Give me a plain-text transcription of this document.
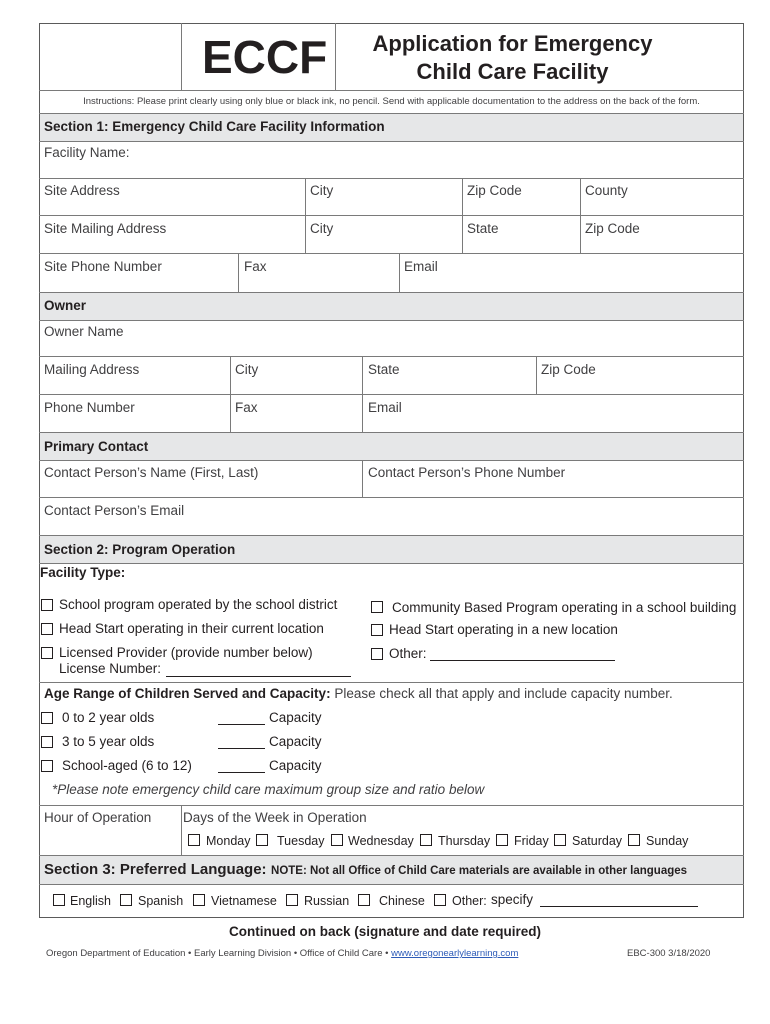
ECCF	Application for Emergency
Child Care Facility
Instructions: Please print clearly using only blue or black ink, no pencil. Send with applicable documentation to the address on the back of the form.
Section 1: Emergency Child Care Facility Information
Facility Name:
Site Address	City	Zip Code	County
Site Mailing Address	City	State	Zip Code
Site Phone Number	Fax	Email
Owner
Owner Name
Mailing Address	City	State	Zip Code
Phone Number	Fax	Email
Primary Contact
Contact Person’s Name (First, Last)	Contact Person’s Phone Number
Contact Person’s Email
Section 2: Program Operation
Facility Type:
School program operated by the school district
Head Start operating in their current location
Licensed Provider (provide number below)
License Number:
Community Based Program operating in a school building
Head Start operating in a new location
Other:
Age Range of Children Served and Capacity: Please check all that apply and include capacity number.
0 to 2 year olds	Capacity
3 to 5 year olds	Capacity
School-aged (6 to 12)	Capacity
*Please note emergency child care maximum group size and ratio below
Hour of Operation Days of the Week in Operation
Monday Tuesday Wednesday Thursday Friday Saturday Sunday
Section 3: Preferred Language: NOTE: Not all Office of Child Care materials are available in other languages
English Spanish Vietnamese Russian Chinese Other: specify
Continued on back (signature and date required)
Oregon Department of Education • Early Learning Division • Office of Child Care • www.oregonearlylearning.com	EBC-300 3/18/2020
